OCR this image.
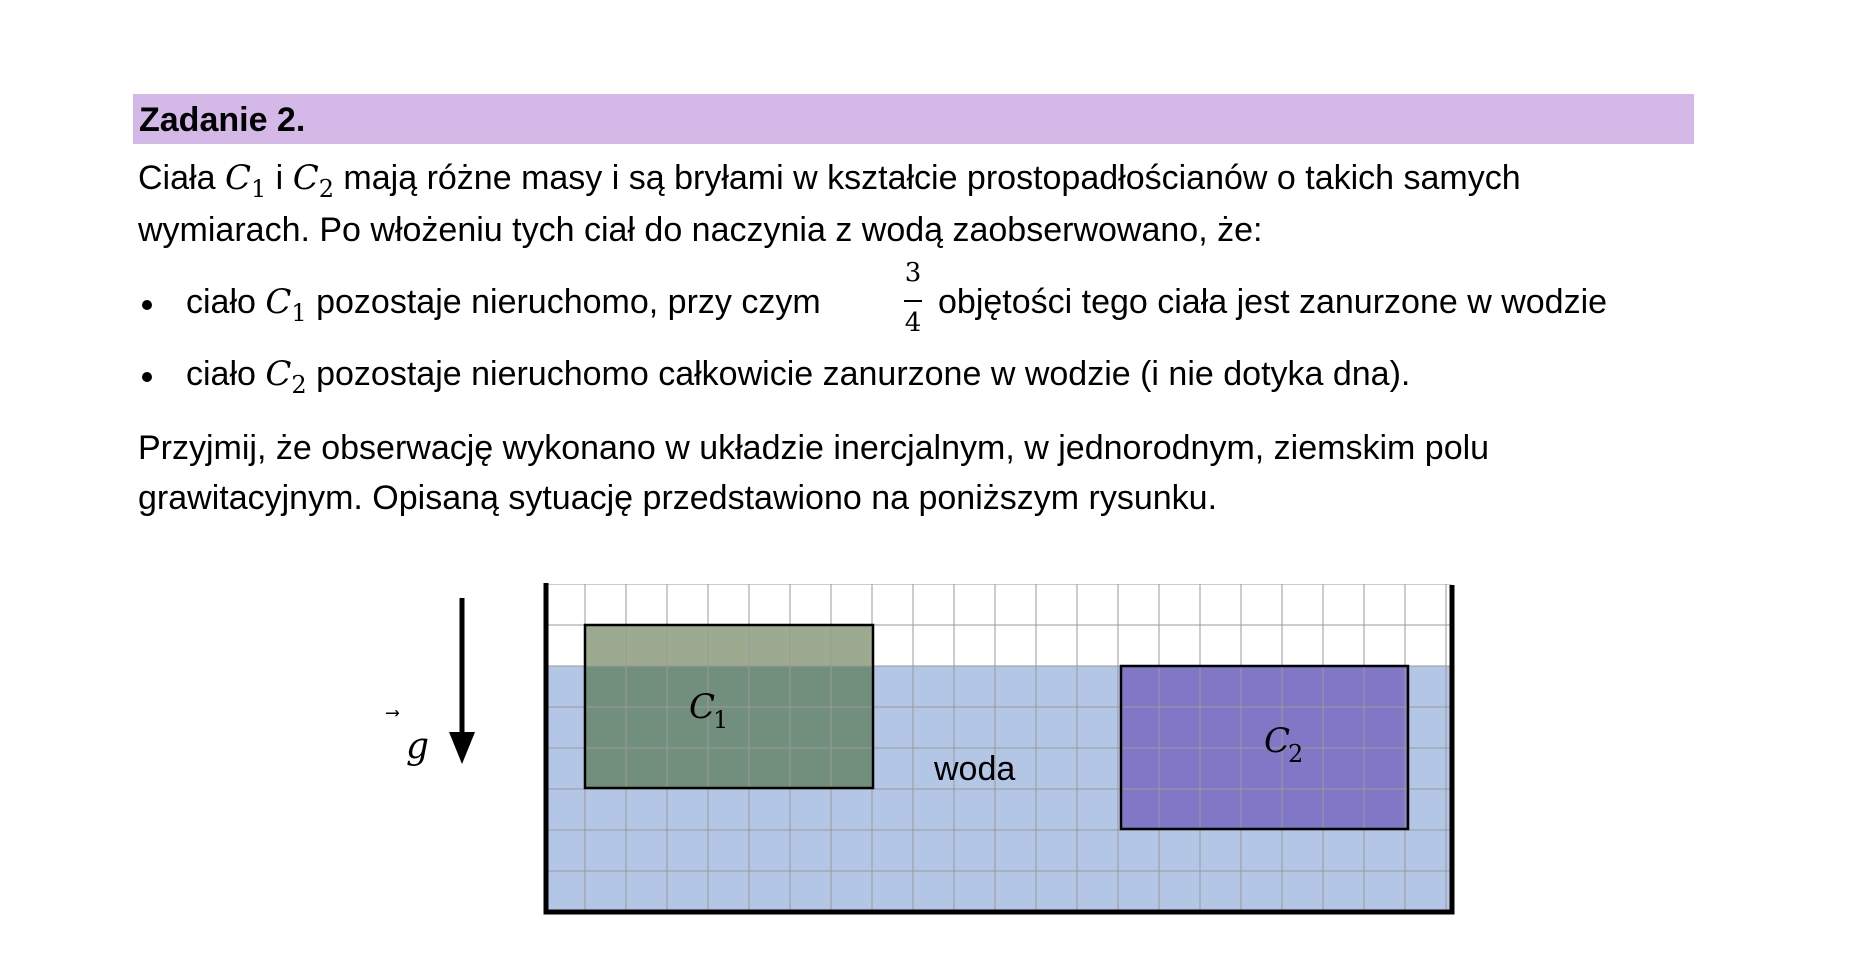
Zadanie 2.
Ciała $C_1$ i $C_2$ mają różne masy i są bryłami w kształcie prostopadłościanów o takich samych
wymiarach. Po włożeniu tych ciał do naczynia z wodą zaobserwowano, że:
ciało $C_1$ pozostaje nieruchomo, przy czym
3
4
objętości tego ciała jest zanurzone w wodzie
ciało $C_2$ pozostaje nieruchomo całkowicie zanurzone w wodzie (i nie dotyka dna).
Przyjmij, że obserwację wykonano w układzie inercjalnym, w jednorodnym, ziemskim polu
grawitacyjnym. Opisaną sytuację przedstawiono na poniższym rysunku.
g
C
1
C
2
woda
